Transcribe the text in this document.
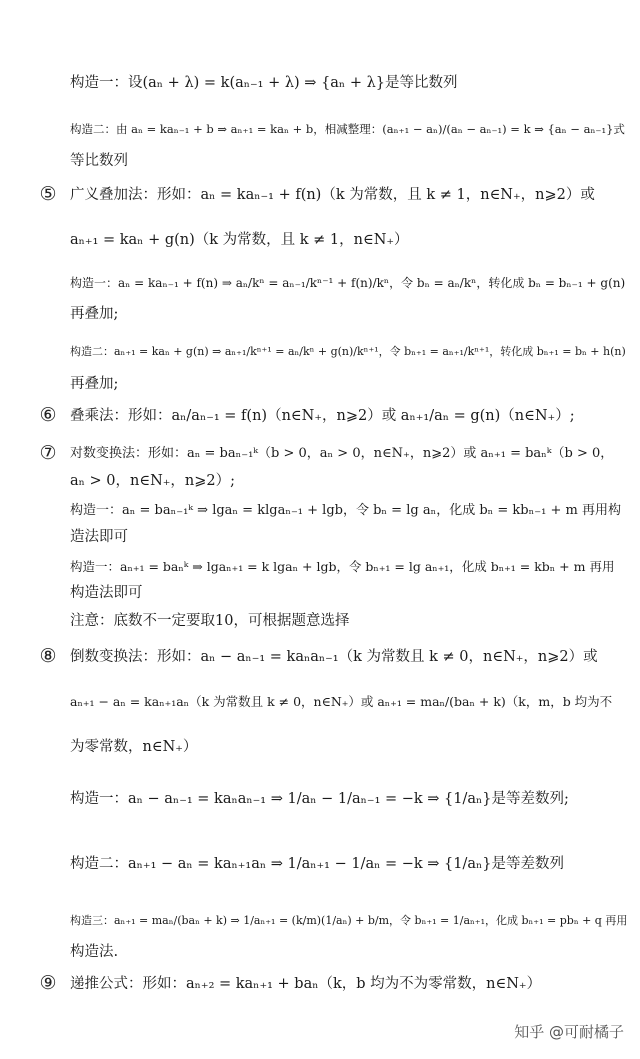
构造一：设(aₙ + λ) = k(aₙ₋₁ + λ) ⇒ {aₙ + λ}是等比数列
构造二：由 aₙ = kaₙ₋₁ + b ⇒ aₙ₊₁ = kaₙ + b，相减整理：(aₙ₊₁ − aₙ)/(aₙ − aₙ₋₁) = k ⇒ {aₙ − aₙ₋₁}式
等比数列
⑤ 广义叠加法：形如：aₙ = kaₙ₋₁ + f(n)（k 为常数，且 k ≠ 1，n∈N₊，n⩾2）或
aₙ₊₁ = kaₙ + g(n)（k 为常数，且 k ≠ 1，n∈N₊）
构造一：aₙ = kaₙ₋₁ + f(n) ⇒ aₙ/kⁿ = aₙ₋₁/kⁿ⁻¹ + f(n)/kⁿ，令 bₙ = aₙ/kⁿ，转化成 bₙ = bₙ₋₁ + g(n)
再叠加;
构造二：aₙ₊₁ = kaₙ + g(n) ⇒ aₙ₊₁/kⁿ⁺¹ = aₙ/kⁿ + g(n)/kⁿ⁺¹，令 bₙ₊₁ = aₙ₊₁/kⁿ⁺¹，转化成 bₙ₊₁ = bₙ + h(n)
再叠加;
⑥ 叠乘法：形如：aₙ/aₙ₋₁ = f(n)（n∈N₊，n⩾2）或 aₙ₊₁/aₙ = g(n)（n∈N₊）;
⑦ 对数变换法：形如：aₙ = baₙ₋₁ᵏ（b > 0，aₙ > 0，n∈N₊，n⩾2）或 aₙ₊₁ = baₙᵏ（b > 0，
aₙ > 0，n∈N₊，n⩾2）;
构造一：aₙ = baₙ₋₁ᵏ ⇒ lgaₙ = klgaₙ₋₁ + lgb，令 bₙ = lg aₙ，化成 bₙ = kbₙ₋₁ + m 再用构
造法即可
构造一：aₙ₊₁ = baₙᵏ ⇒ lgaₙ₊₁ = k lgaₙ + lgb，令 bₙ₊₁ = lg aₙ₊₁，化成 bₙ₊₁ = kbₙ + m 再用
构造法即可
注意：底数不一定要取10，可根据题意选择
⑧ 倒数变换法：形如：aₙ − aₙ₋₁ = kaₙaₙ₋₁（k 为常数且 k ≠ 0，n∈N₊，n⩾2）或
aₙ₊₁ − aₙ = kaₙ₊₁aₙ（k 为常数且 k ≠ 0，n∈N₊）或 aₙ₊₁ = maₙ/(baₙ + k)（k，m，b 均为不
为零常数，n∈N₊）
构造一：aₙ − aₙ₋₁ = kaₙaₙ₋₁ ⇒ 1/aₙ − 1/aₙ₋₁ = −k ⇒ {1/aₙ}是等差数列;
构造二：aₙ₊₁ − aₙ = kaₙ₊₁aₙ ⇒ 1/aₙ₊₁ − 1/aₙ = −k ⇒ {1/aₙ}是等差数列
构造三：aₙ₊₁ = maₙ/(baₙ + k) ⇒ 1/aₙ₊₁ = (k/m)(1/aₙ) + b/m，令 bₙ₊₁ = 1/aₙ₊₁，化成 bₙ₊₁ = pbₙ + q 再用
构造法.
⑨ 递推公式：形如：aₙ₊₂ = kaₙ₊₁ + baₙ（k，b 均为不为零常数，n∈N₊）
知乎 @可耐橘子
